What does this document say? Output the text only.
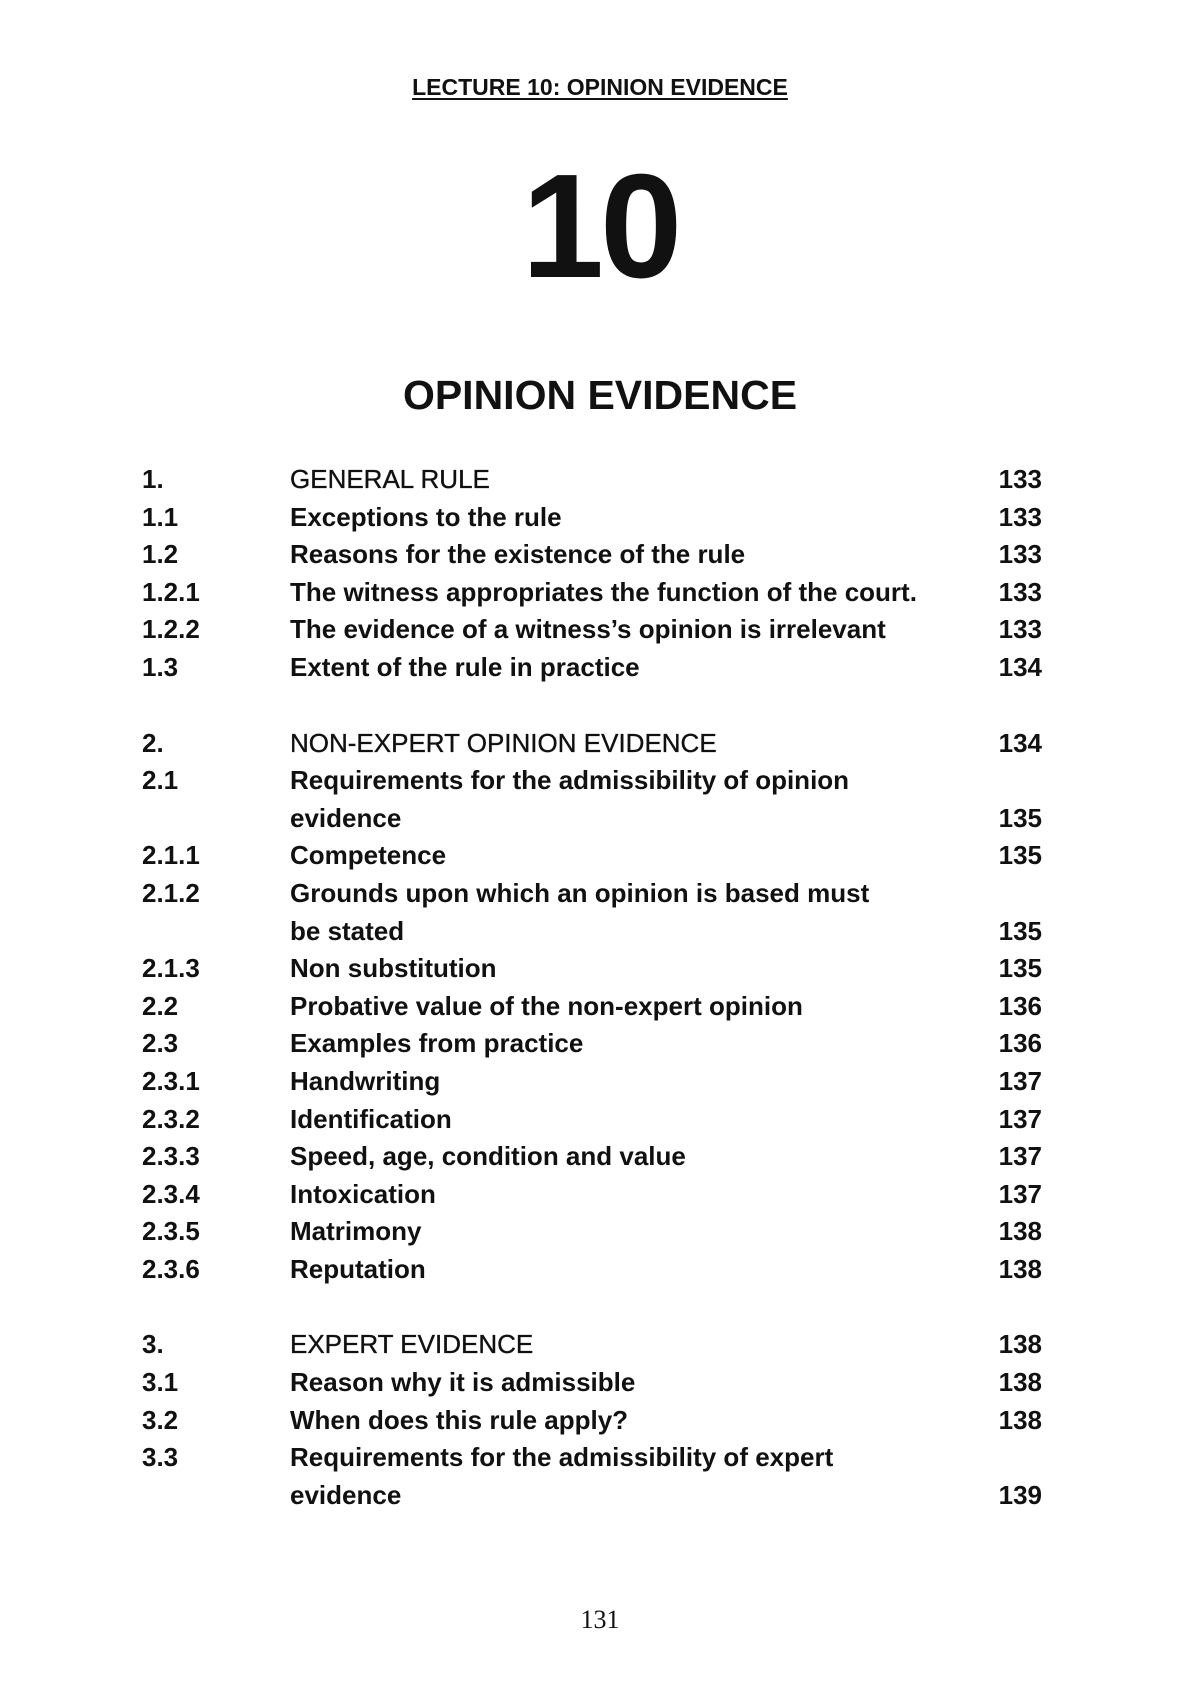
LECTURE 10: OPINION EVIDENCE
10
OPINION EVIDENCE
1.	GENERAL RULE	133
1.1	Exceptions to the rule	133
1.2	Reasons for the existence of the rule	133
1.2.1	The witness appropriates the function of the court.	133
1.2.2	The evidence of a witness’s opinion is irrelevant	133
1.3	Extent of the rule in practice	134
2.	NON-EXPERT OPINION EVIDENCE	134
2.1	Requirements for the admissibility of opinion
evidence	135
2.1.1	Competence	135
2.1.2	Grounds upon which an opinion is based must
be stated	135
2.1.3	Non substitution	135
2.2	Probative value of the non-expert opinion	136
2.3	Examples from practice	136
2.3.1	Handwriting	137
2.3.2	Identification	137
2.3.3	Speed, age, condition and value	137
2.3.4	Intoxication	137
2.3.5	Matrimony	138
2.3.6	Reputation	138
3.	EXPERT EVIDENCE	138
3.1	Reason why it is admissible	138
3.2	When does this rule apply?	138
3.3	Requirements for the admissibility of expert
evidence	139
131
